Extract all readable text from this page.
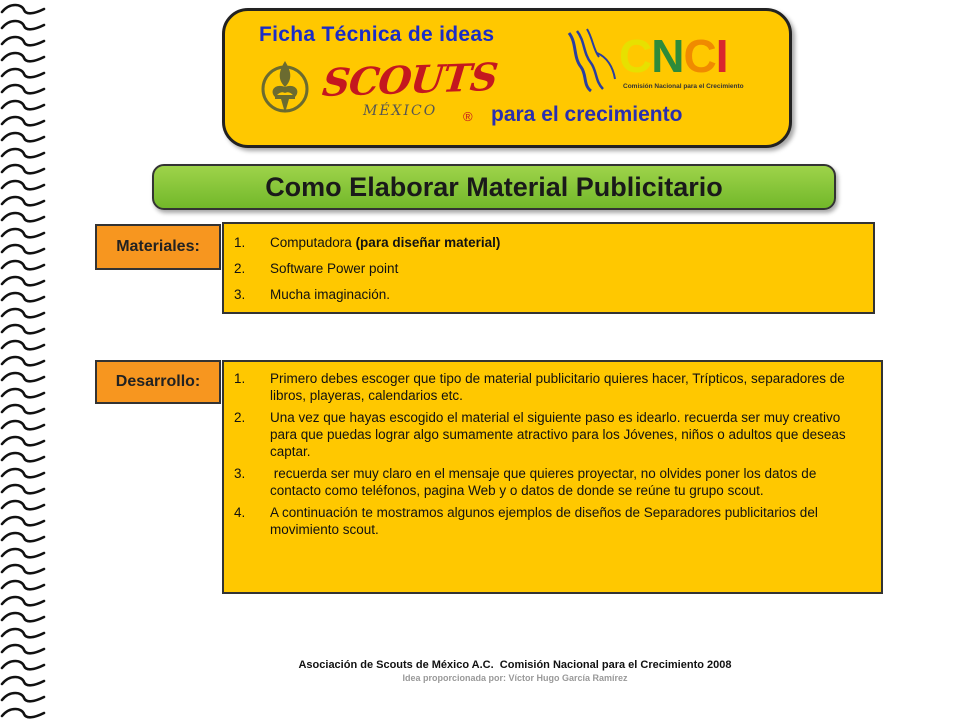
Ficha Técnica de ideas
SCOUTS
MÉXICO ®
CNCI
Comisión Nacional para el Crecimiento
para el crecimiento
Como Elaborar Material Publicitario
Materiales:	1.	Computadora (para diseñar material)
2.	Software Power point
3.	Mucha imaginación.
Desarrollo:	1.	Primero debes escoger que tipo de material publicitario quieres hacer, Trípticos, separadores de libros, playeras, calendarios etc.
2.	Una vez que hayas escogido el material el siguiente paso es idearlo. recuerda ser muy creativo para que puedas lograr algo sumamente atractivo para los Jóvenes, niños o adultos que deseas captar.
3.	recuerda ser muy claro en el mensaje que quieres proyectar, no olvides poner los datos de contacto como teléfonos, pagina Web y o datos de donde se reúne tu grupo scout.
4.	A continuación te mostramos algunos ejemplos de diseños de Separadores publicitarios del movimiento scout.
Asociación de Scouts de México A.C.  Comisión Nacional para el Crecimiento 2008
Idea proporcionada por: Víctor Hugo García Ramírez
